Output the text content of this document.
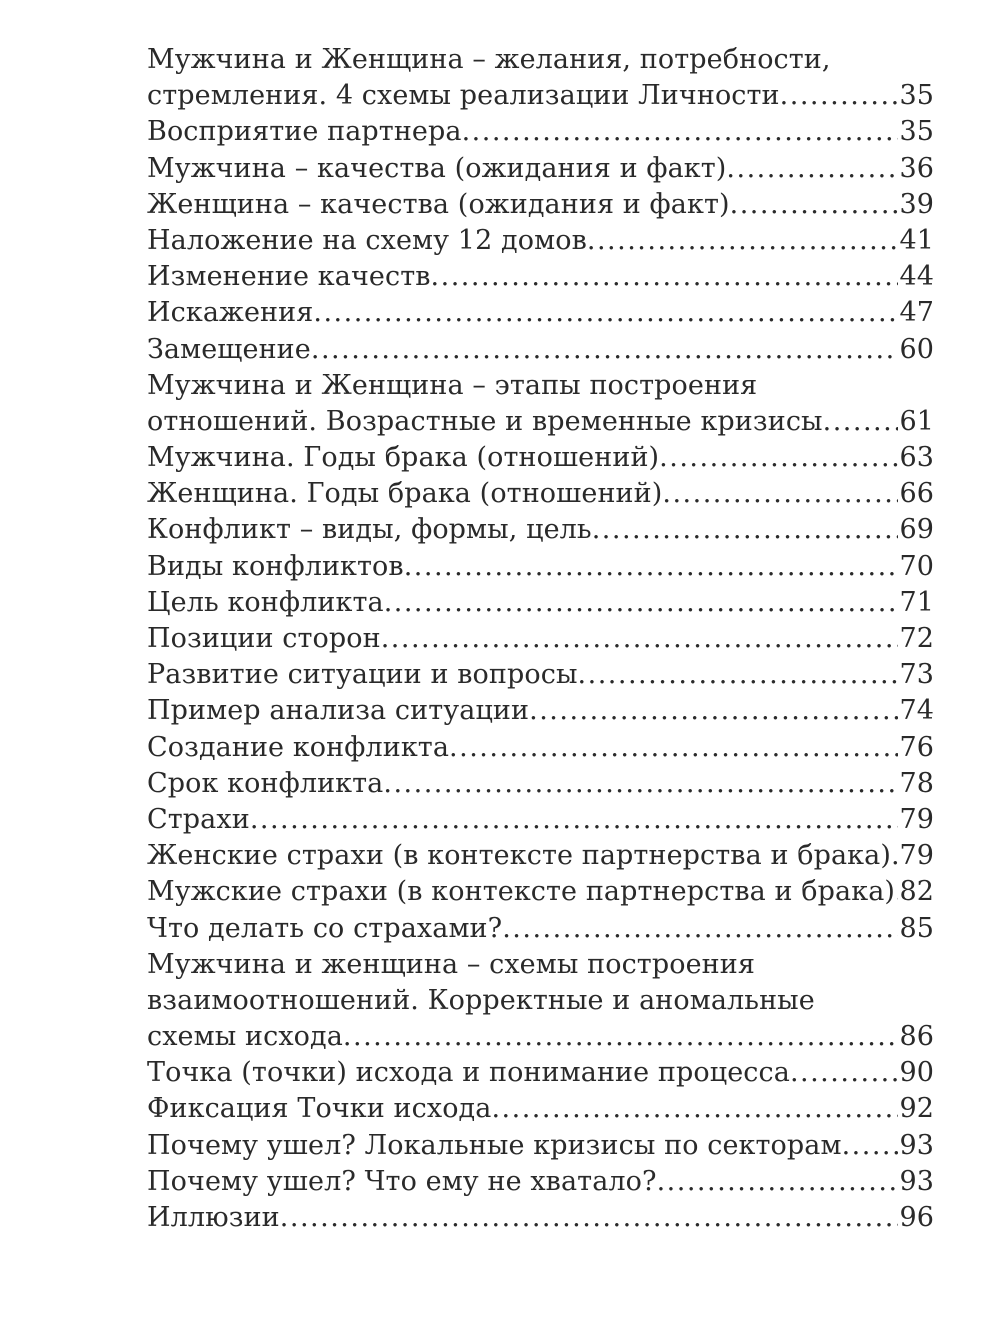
Мужчина и Женщина – желания, потребности,
стремления. 4 схемы реализации Личности .....	35
Восприятие партнера .....	35
Мужчина – качества (ожидания и факт) .....	36
Женщина – качества (ожидания и факт) .....	39
Наложение на схему 12 домов .....	41
Изменение качеств .....	44
Искажения .....	47
Замещение .....	60
Мужчина и Женщина – этапы построения
отношений. Возрастные и временные кризисы .....	61
Мужчина. Годы брака (отношений) .....	63
Женщина. Годы брака (отношений) .....	66
Конфликт – виды, формы, цель .....	69
Виды конфликтов .....	70
Цель конфликта .....	71
Позиции сторон .....	72
Развитие ситуации и вопросы .....	73
Пример анализа ситуации .....	74
Создание конфликта .....	76
Срок конфликта .....	78
Страхи .....	79
Женские страхи (в контексте партнерства и брака) ..... 79
Мужские страхи (в контексте партнерства и брака) ..... 82
Что делать со страхами? .....	85
Мужчина и женщина – схемы построения
взаимоотношений. Корректные и аномальные
схемы исхода .....	86
Точка (точки) исхода и понимание процесса .....	90
Фиксация Точки исхода .....	92
Почему ушел? Локальные кризисы по секторам ..... 93
Почему ушел? Что ему не хватало? .....	93
Иллюзии .....	96
